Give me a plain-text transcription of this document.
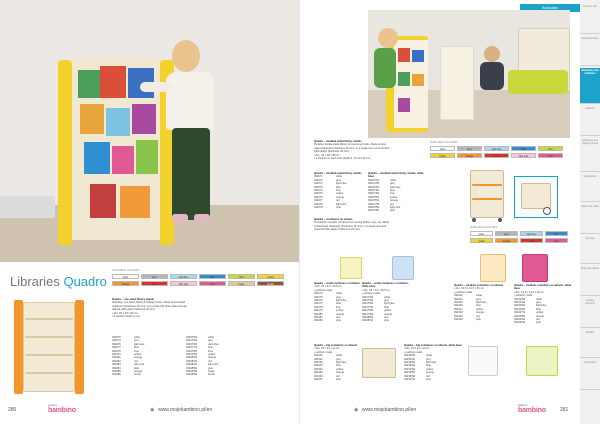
Libraries Quadro
AVAILABLE COLOURS:
white	grey	light blue	blue	lime	yellow
orange	red	light pink	pink	beige	brown
Quadro – one-sided library stands
Standing, one-sided library to display books. Made of laminated
chipboard (thickness 18 mm), in a model with white sides and ad-
ditional HDF-plate (thickness 18 mm).
• dim. 80 x 35 x 80 cm
• 5 shelves (depth 4 cm)
090275	white
090276	grey
090276	light blue
090277	blue
090278	lime
090279	yellow
090281	orange
090283	red
090284	light pink
090284	dark
090285	orange
090286	brown
090275W	white
090276W	grey
090276W	dark blue
090277W	blue
090278W	lime
090279W	yellow
090280W	orange
090281W	red
090282W	light pink
090283W	pink
090284W	beige
090285W	brown
280
made by
bambino	◉ www.mojebambino.pl/en
Bookcases
Quadro – doubled-sided library stands
Portable double-sided library for exposing books. Made of lami-
nated chipboard (thickness 18 mm), in a single-tone and colourful
HDF-plates (thickness 18 mm).
• dim. 90 x 28 x 98 cm
• 3 shelves on each side (depth 4; 10 and 16 cm)
AVAILABLE COLOURS:
white	grey	light blue	blue	lime
yellow	orange	red	light pink	pink
Quadro – doubled-sided library stands
090271	white
090272	grey
090272	light blue
090273	blue
090274	lime
090275	yellow
090276	orange
090277	red
090278	light pink
090279	pink
Quadro – doubled-sided library stands, white base
090271W	white
090272W	grey
090272W	light blue
090273W	blue
090274W	lime
090275W	yellow
090276W	orange
090277W	red
090278W	light pink
090279W	pink
AVAILABLE COLOURS:
white	grey	light blue	blue
yellow	orange	red	pink
Quadro – containers on wheels
Functional, movable containers for storing blocks, toys, etc. Made
of laminated chipboard (thickness 18 mm), in a single-tone and
colourful HDF-plates (thickness 18 mm).
Quadro – small containers on wheels
• dim. 54 x 44 x 35,5 cm
• partition inside
092274	white
092275	grey
092276	light blue
092277	blue
092278	lime
092279	yellow
092280	orange
092281	red
092282	pink
Quadro – small containers on wheels, white base
• dim. 55 x 44 x 35,5 cm
• partition inside
092274W	white
092275W	grey
092276W	light blue
092277W	blue
092278W	yellow
092279W	orange
092280W	red
092281W	pink
Quadro – medium containers on wheels
• dim. 61,5 x 41,5 x 60 cm
• partition inside
092323	white
092324	grey
092325	light blue
092326	blue
092327	yellow
092328	orange
092329	red
092330	pink
Quadro – medium containers on wheels, white base
• dim. 61,5 x 41,5 x 60 cm
• partition inside
092323W	white
092324W	grey
092325W	light blue
092326W	blue
092327W	yellow
092328W	orange
092329W	red
092330W	pink
Quadro – big containers on wheels
• dim. 62 x 41 x 44 cm
• partition inside
092330	white
092331	grey
092332	light blue
092333	blue
092334	yellow
092335	orange
092336	red
092337	pink
Quadro – big containers on wheels, white base
• dim. 62 x 41 x 44 cm
• partition inside
092330W	white
092331W	grey
092332W	light blue
092333W	blue
092334W	yellow
092335W	orange
092336W	red
092337W	pink
◉ www.mojebambino.pl/en
made by
bambino	281
Furniture sets
Modular furniture
Bookcases and containers
Cabinets
Wardrobes and changing rooms
Wall shelves
Tables and chairs
Soft play
Rugs and carpets
Sensory elements
Bedding
Accessories
